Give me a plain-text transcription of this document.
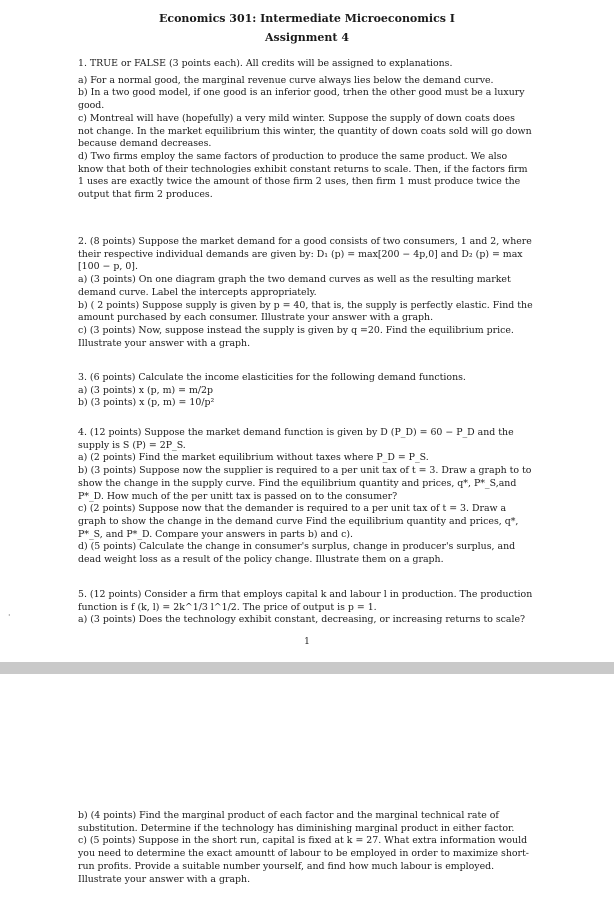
Economics 301: Intermediate Microeconomics I
Assignment 4

1. TRUE or FALSE (3 points each). All credits will be assigned to explanations.

a) For a normal good, the marginal revenue curve always lies below the demand curve.

b) In a two good model, if one good is an inferior good, trhen the other good must be a luxury good.

c) Montreal will have (hopefully) a very mild winter. Suppose the supply of down coats does not change. In the market equilibrium this winter, the quantity of down coats sold will go down because demand decreases.

d) Two firms employ the same factors of production to produce the same product. We also know that both of their technologies exhibit constant returns to scale. Then, if the factors firm 1 uses are exactly twice the amount of those firm 2 uses, then firm 1 must produce twice the output that firm 2 produces.

2. (8 points) Suppose the market demand for a good consists of two consumers, 1 and 2, where their respective individual demands are given by: D₁ (p) = max[200 − 4p,0] and D₂ (p) = max [100 − p, 0].

a) (3 points) On one diagram graph the two demand curves as well as the resulting market demand curve. Label the intercepts appropriately.

b) ( 2 points) Suppose supply is given by p = 40, that is, the supply is perfectly elastic. Find the amount purchased by each consumer. Illustrate your answer with a graph.

c) (3 points) Now, suppose instead the supply is given by q =20. Find the equilibrium price. Illustrate your answer with a graph.

3. (6 points) Calculate the income elasticities for the following demand functions.

a) (3 points) x (p, m) = m/2p

b) (3 points) x (p, m) = 10/p²

4. (12 points) Suppose the market demand function is given by D (P_D) = 60 − P_D and the supply is S (P) = 2P_S.

a) (2 points) Find the market equilibrium without taxes where P_D = P_S.

b) (3 points) Suppose now the supplier is required to a per unit tax of t = 3. Draw a graph to to show the change in the supply curve. Find the equilibrium quantity and prices, q*, P*_S,and P*_D. How much of the per unitt tax is passed on to the consumer?

c) (2 points) Suppose now that the demander is required to a per unit tax of t = 3. Draw a graph to show the change in the demand curve Find the equilibrium quantity and prices, q*, P*_S, and P*_D. Compare your answers in parts b) and c).

d) (5 points) Calculate the change in consumer's surplus, change in producer's surplus, and dead weight loss as a result of the policy change. Illustrate them on a graph.

5. (12 points) Consider a firm that employs capital k and labour l in production. The production function is f (k, l) = 2k^1/3 l^1/2. The price of output is p = 1.

a) (3 points) Does the technology exhibit constant, decreasing, or increasing returns to scale?

·
1

b) (4 points) Find the marginal product of each factor and the marginal technical rate of substitution. Determine if the technology has diminishing marginal product in either factor.

c) (5 points) Suppose in the short run, capital is fixed at k = 27. What extra information would you need to determine the exact amountt of labour to be employed in order to maximize short-run profits. Provide a suitable number yourself, and find how much labour is employed. Illustrate your answer with a graph.
